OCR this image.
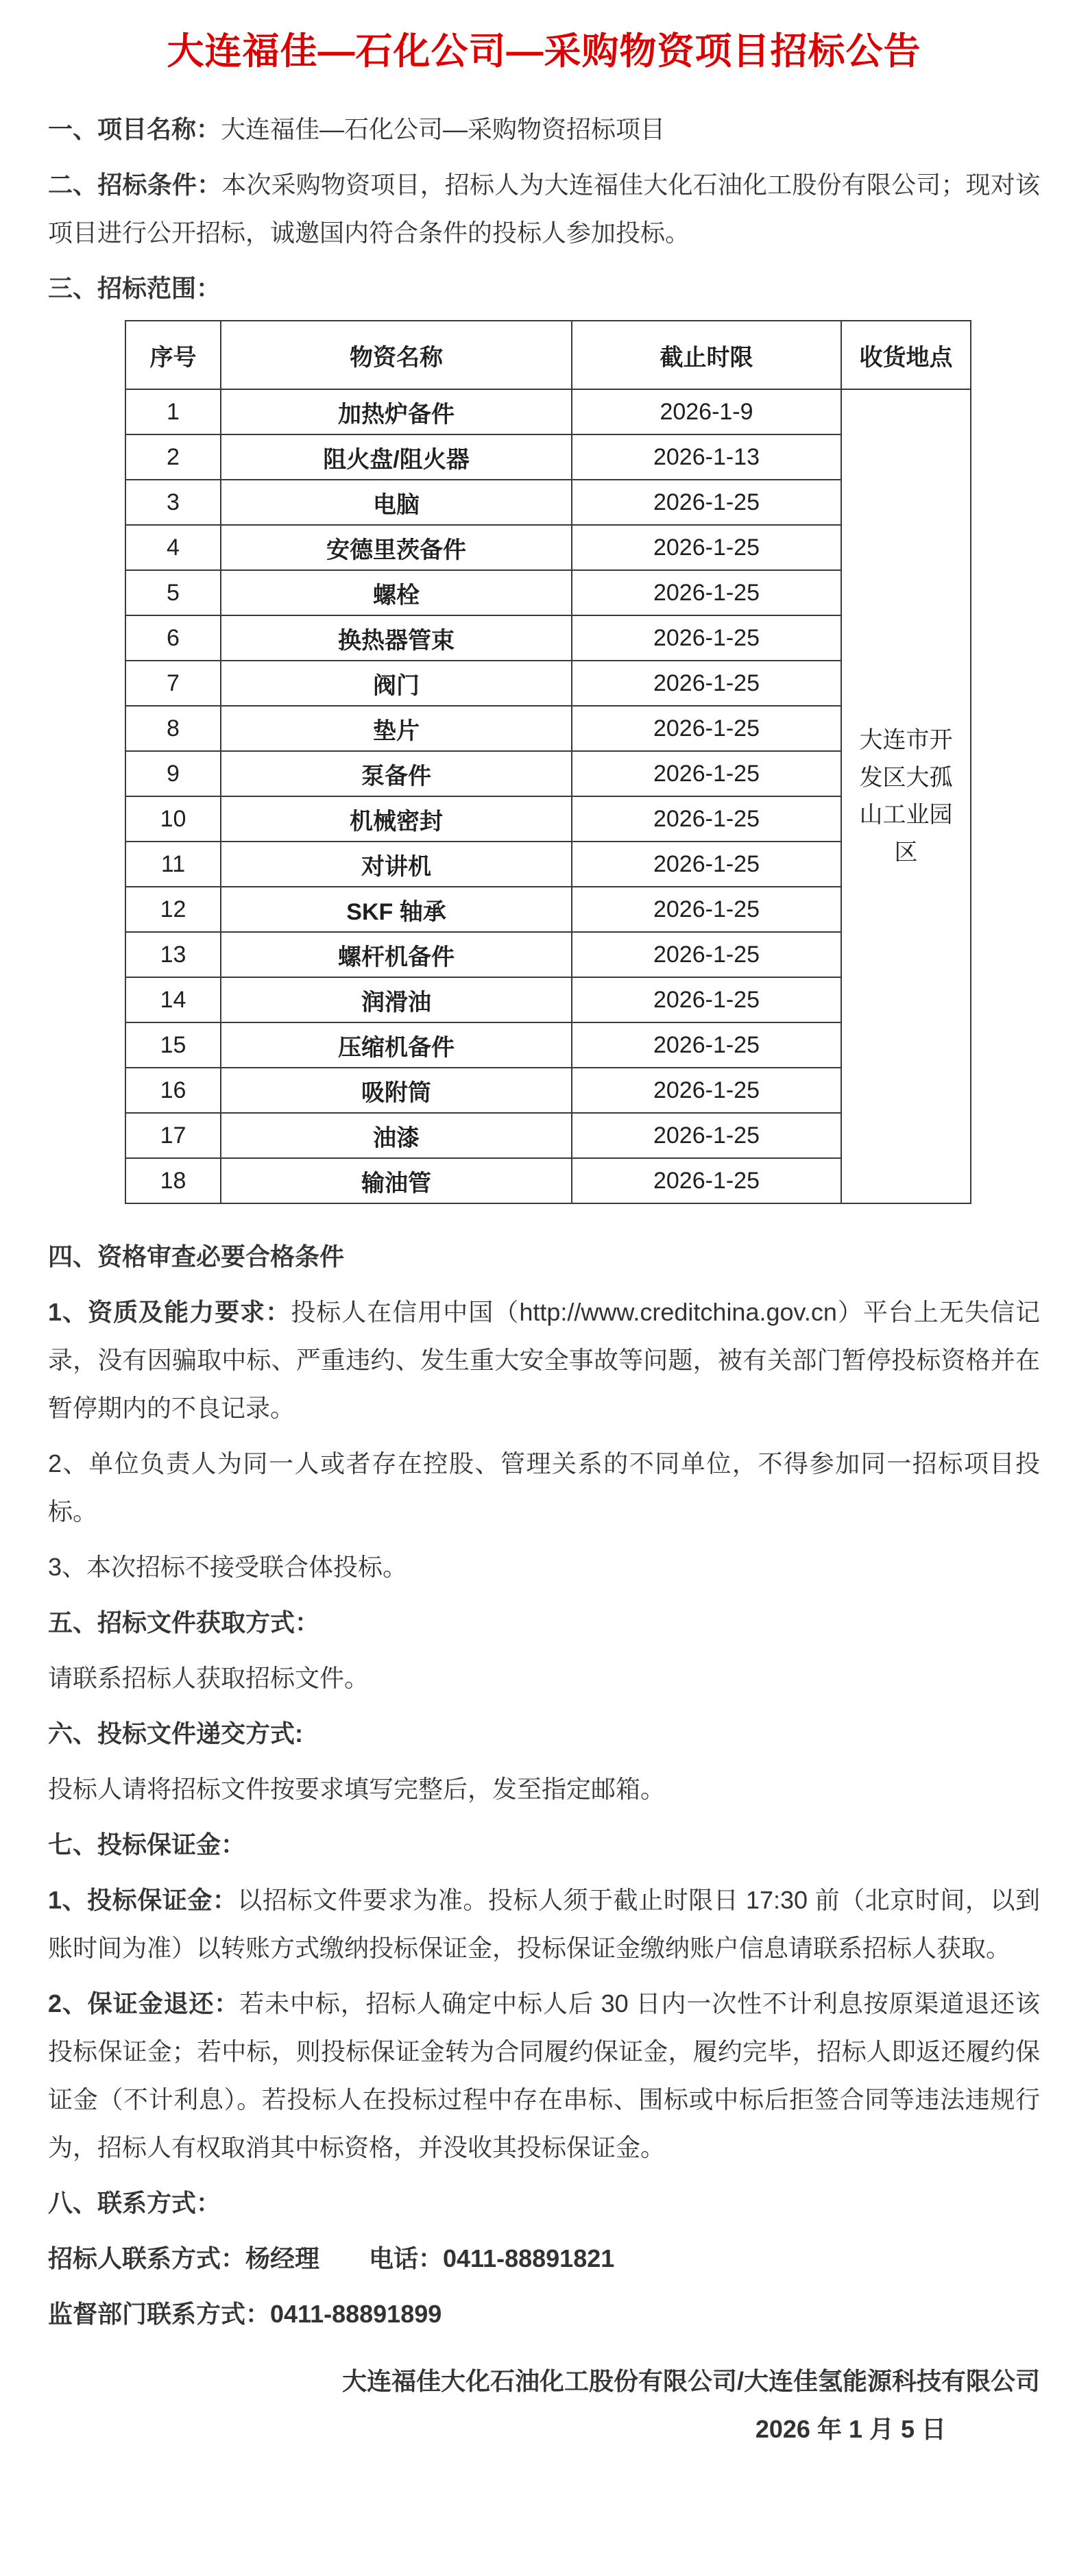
大连福佳—石化公司—采购物资项目招标公告

一、项目名称：大连福佳—石化公司—采购物资招标项目

二、招标条件：本次采购物资项目，招标人为大连福佳大化石油化工股份有限公司；现对该项目进行公开招标，诚邀国内符合条件的投标人参加投标。

三、招标范围：

序号	物资名称	截止时限	收货地点
1	加热炉备件	2026-1-9	大连市开发区大孤山工业园区
2	阻火盘/阻火器	2026-1-13	
3	电脑	2026-1-25	
4	安德里茨备件	2026-1-25	
5	螺栓	2026-1-25	
6	换热器管束	2026-1-25	
7	阀门	2026-1-25	
8	垫片	2026-1-25	
9	泵备件	2026-1-25	
10	机械密封	2026-1-25	
11	对讲机	2026-1-25	
12	SKF 轴承	2026-1-25	
13	螺杆机备件	2026-1-25	
14	润滑油	2026-1-25	
15	压缩机备件	2026-1-25	
16	吸附筒	2026-1-25	
17	油漆	2026-1-25	
18	输油管	2026-1-25	

四、资格审查必要合格条件

1、资质及能力要求：投标人在信用中国（http://www.creditchina.gov.cn）平台上无失信记录，没有因骗取中标、严重违约、发生重大安全事故等问题，被有关部门暂停投标资格并在暂停期内的不良记录。

2、单位负责人为同一人或者存在控股、管理关系的不同单位，不得参加同一招标项目投标。

3、本次招标不接受联合体投标。

五、招标文件获取方式：

请联系招标人获取招标文件。

六、投标文件递交方式:

投标人请将招标文件按要求填写完整后，发至指定邮箱。

七、投标保证金：

1、投标保证金：以招标文件要求为准。投标人须于截止时限日 17:30 前（北京时间，以到账时间为准）以转账方式缴纳投标保证金，投标保证金缴纳账户信息请联系招标人获取。

2、保证金退还：若未中标，招标人确定中标人后 30 日内一次性不计利息按原渠道退还该投标保证金；若中标，则投标保证金转为合同履约保证金，履约完毕，招标人即返还履约保证金（不计利息）。若投标人在投标过程中存在串标、围标或中标后拒签合同等违法违规行为，招标人有权取消其中标资格，并没收其投标保证金。

八、联系方式：

招标人联系方式：杨经理　　电话：0411-88891821

监督部门联系方式：0411-88891899

大连福佳大化石油化工股份有限公司/大连佳氢能源科技有限公司
2026 年 1 月 5 日
